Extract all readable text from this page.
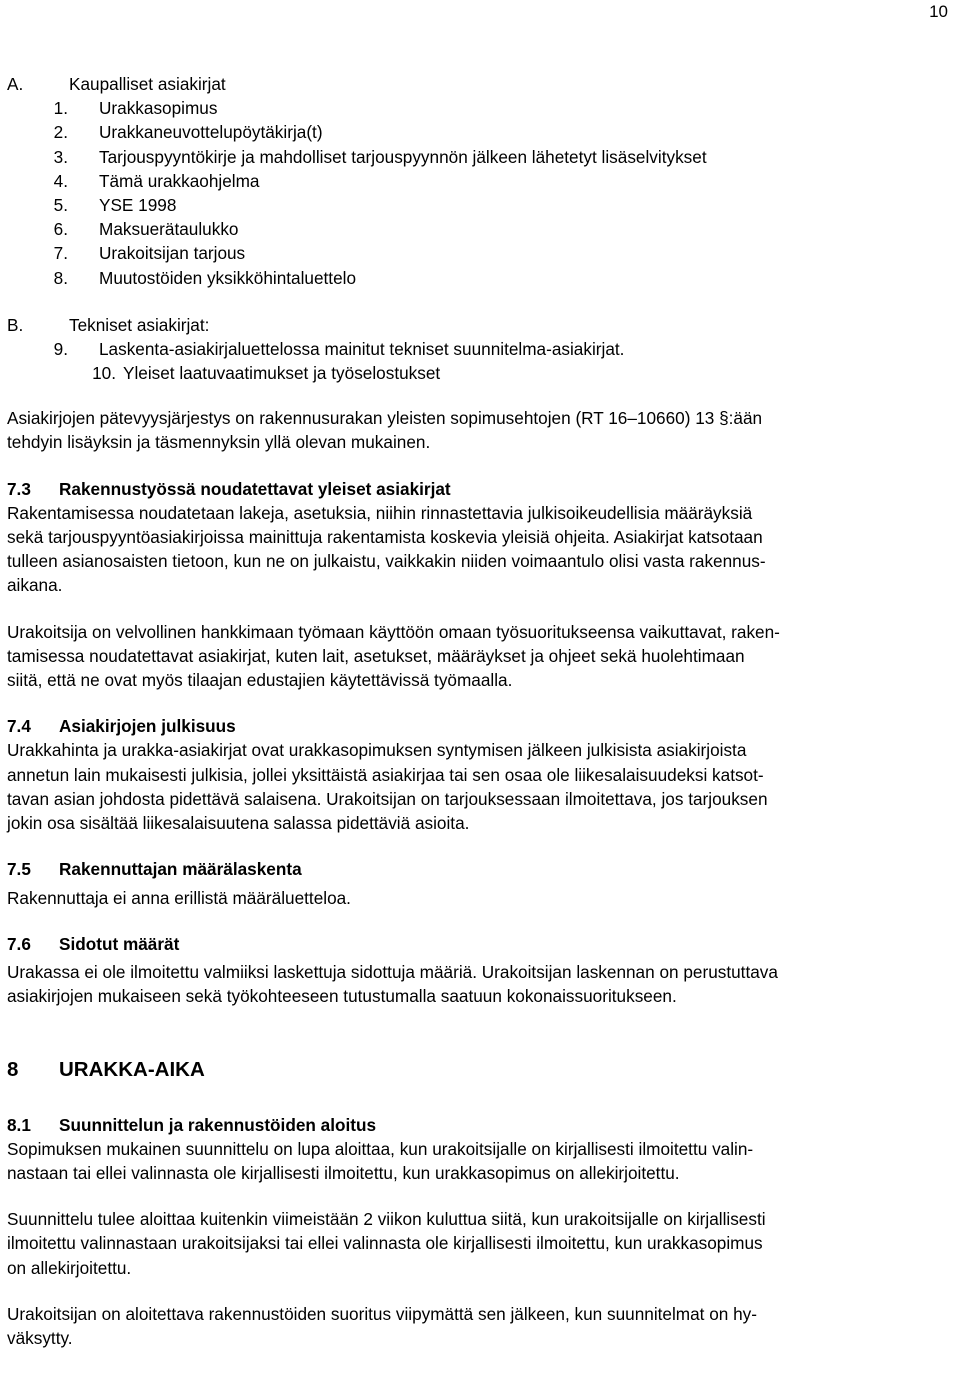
10
A.	Kaupalliset asiakirjat
1.	Urakkasopimus
2.	Urakkaneuvottelupöytäkirja(t)
3.	Tarjouspyyntökirje ja mahdolliset tarjouspyynnön jälkeen lähetetyt lisäselvitykset
4.	Tämä urakkaohjelma
5.	YSE 1998
6.	Maksuerätaulukko
7.	Urakoitsijan tarjous
8.	Muutostöiden yksikköhintaluettelo
B.	Tekniset asiakirjat:
9.	Laskenta-asiakirjaluettelossa mainitut tekniset suunnitelma-asiakirjat.
10. Yleiset laatuvaatimukset ja työselostukset

Asiakirjojen pätevyysjärjestys on rakennusurakan yleisten sopimusehtojen (RT 16–10660) 13 §:ään
tehdyin lisäyksin ja täsmennyksin yllä olevan mukainen.

7.3	Rakennustyössä noudatettavat yleiset asiakirjat

Rakentamisessa noudatetaan lakeja, asetuksia, niihin rinnastettavia julkisoikeudellisia määräyksiä
sekä tarjouspyyntöasiakirjoissa mainittuja rakentamista koskevia yleisiä ohjeita. Asiakirjat katsotaan
tulleen asianosaisten tietoon, kun ne on julkaistu, vaikkakin niiden voimaantulo olisi vasta rakennus-
aikana.

Urakoitsija on velvollinen hankkimaan työmaan käyttöön omaan työsuoritukseensa vaikuttavat, raken-
tamisessa noudatettavat asiakirjat, kuten lait, asetukset, määräykset ja ohjeet sekä huolehtimaan
siitä, että ne ovat myös tilaajan edustajien käytettävissä työmaalla.

7.4	Asiakirjojen julkisuus

Urakkahinta ja urakka-asiakirjat ovat urakkasopimuksen syntymisen jälkeen julkisista asiakirjoista
annetun lain mukaisesti julkisia, jollei yksittäistä asiakirjaa tai sen osaa ole liikesalaisuudeksi katsot-
tavan asian johdosta pidettävä salaisena. Urakoitsijan on tarjouksessaan ilmoitettava, jos tarjouksen
jokin osa sisältää liikesalaisuutena salassa pidettäviä asioita.

7.5	Rakennuttajan määrälaskenta

Rakennuttaja ei anna erillistä määräluetteloa.

7.6	Sidotut määrät

Urakassa ei ole ilmoitettu valmiiksi laskettuja sidottuja määriä. Urakoitsijan laskennan on perustuttava
asiakirjojen mukaiseen sekä työkohteeseen tutustumalla saatuun kokonaissuoritukseen.

8	URAKKA-AIKA
8.1	Suunnittelun ja rakennustöiden aloitus

Sopimuksen mukainen suunnittelu on lupa aloittaa, kun urakoitsijalle on kirjallisesti ilmoitettu valin-
nastaan tai ellei valinnasta ole kirjallisesti ilmoitettu, kun urakkasopimus on allekirjoitettu.

Suunnittelu tulee aloittaa kuitenkin viimeistään 2 viikon kuluttua siitä, kun urakoitsijalle on kirjallisesti
ilmoitettu valinnastaan urakoitsijaksi tai ellei valinnasta ole kirjallisesti ilmoitettu, kun urakkasopimus
on allekirjoitettu.

Urakoitsijan on aloitettava rakennustöiden suoritus viipymättä sen jälkeen, kun suunnitelmat on hy-
väksytty.
